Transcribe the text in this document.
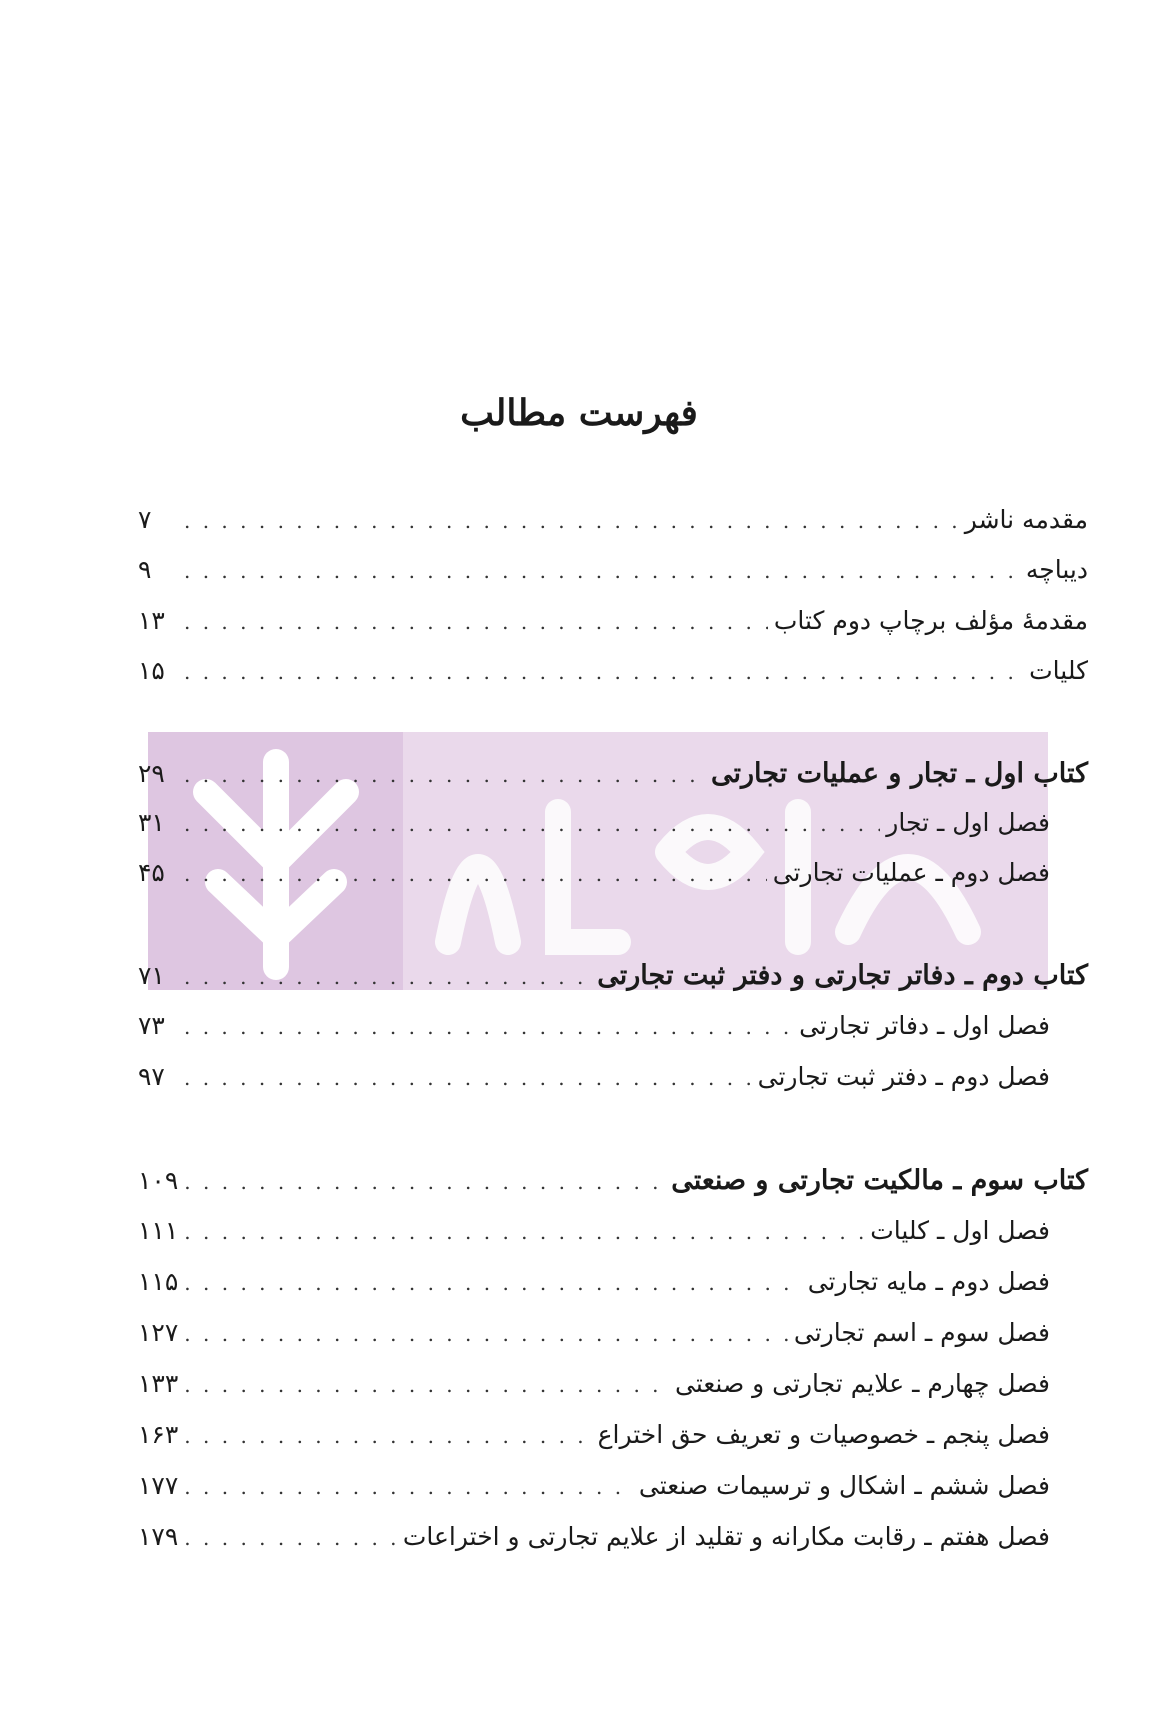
فهرست مطالب
۷ . . .	مقدمه ناشر
۹ . . .	دیباچه
۱۳ . . .	مقدمهٔ مؤلف برچاپ دوم کتاب
۱۵ . . .	کلیات
۲۹ . . .	کتاب اول ـ تجار و عملیات تجارتی
۳۱ . . .	فصل اول ـ تجار
۴۵ . . .	فصل دوم ـ عملیات تجارتی
۷۱ . . .	کتاب دوم ـ دفاتر تجارتی و دفتر ثبت تجارتی
۷۳ . . .	فصل اول ـ دفاتر تجارتی
۹۷ . . .	فصل دوم ـ دفتر ثبت تجارتی
۱۰۹ . . .	کتاب سوم ـ مالکیت تجارتی و صنعتی
۱۱۱ . . .	فصل اول ـ کلیات
۱۱۵ . . .	فصل دوم ـ مایه تجارتی
۱۲۷ . . .	فصل سوم ـ اسم تجارتی
۱۳۳ . . .	فصل چهارم ـ علایم تجارتی و صنعتی
۱۶۳ . . .	فصل پنجم ـ خصوصیات و تعریف حق اختراع
۱۷۷ . . .	فصل ششم ـ اشکال و ترسیمات صنعتی
۱۷۹ . . .	فصل هفتم ـ رقابت مکارانه و تقلید از علایم تجارتی و اختراعات
